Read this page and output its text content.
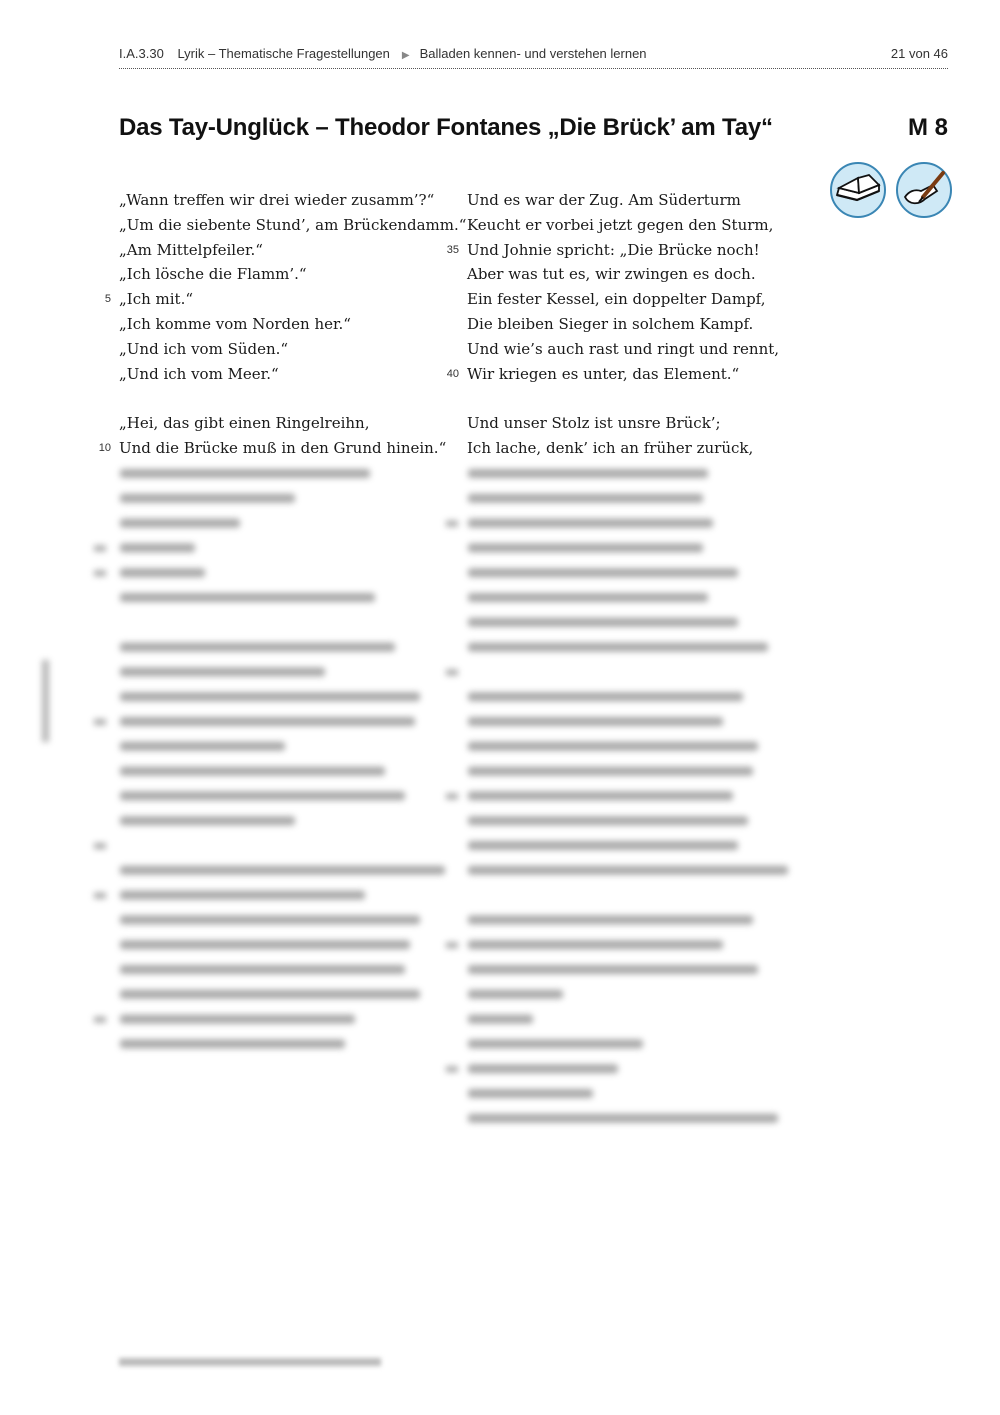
I.A.3.30 Lyrik – Thematische Fragestellungen ▶ Balladen kennen- und verstehen lernen	21 von 46
Das Tay-Unglück – Theodor Fontanes „Die Brück’ am Tay“	M 8
„Wann treffen wir drei wieder zusamm’?“
„Um die siebente Stund’, am Brückendamm.“
„Am Mittelpfeiler.“
„Ich lösche die Flamm’.“
5 „Ich mit.“
„Ich komme vom Norden her.“
„Und ich vom Süden.“
„Und ich vom Meer.“
„Hei, das gibt einen Ringelreihn,
10 Und die Brücke muß in den Grund hinein.“
Und es war der Zug. Am Süderturm
Keucht er vorbei jetzt gegen den Sturm,
35 Und Johnie spricht: „Die Brücke noch!
Aber was tut es, wir zwingen es doch.
Ein fester Kessel, ein doppelter Dampf,
Die bleiben Sieger in solchem Kampf.
Und wie’s auch rast und ringt und rennt,
40 Wir kriegen es unter, das Element.“
Und unser Stolz ist unsre Brück’;
Ich lache, denk’ ich an früher zurück,
